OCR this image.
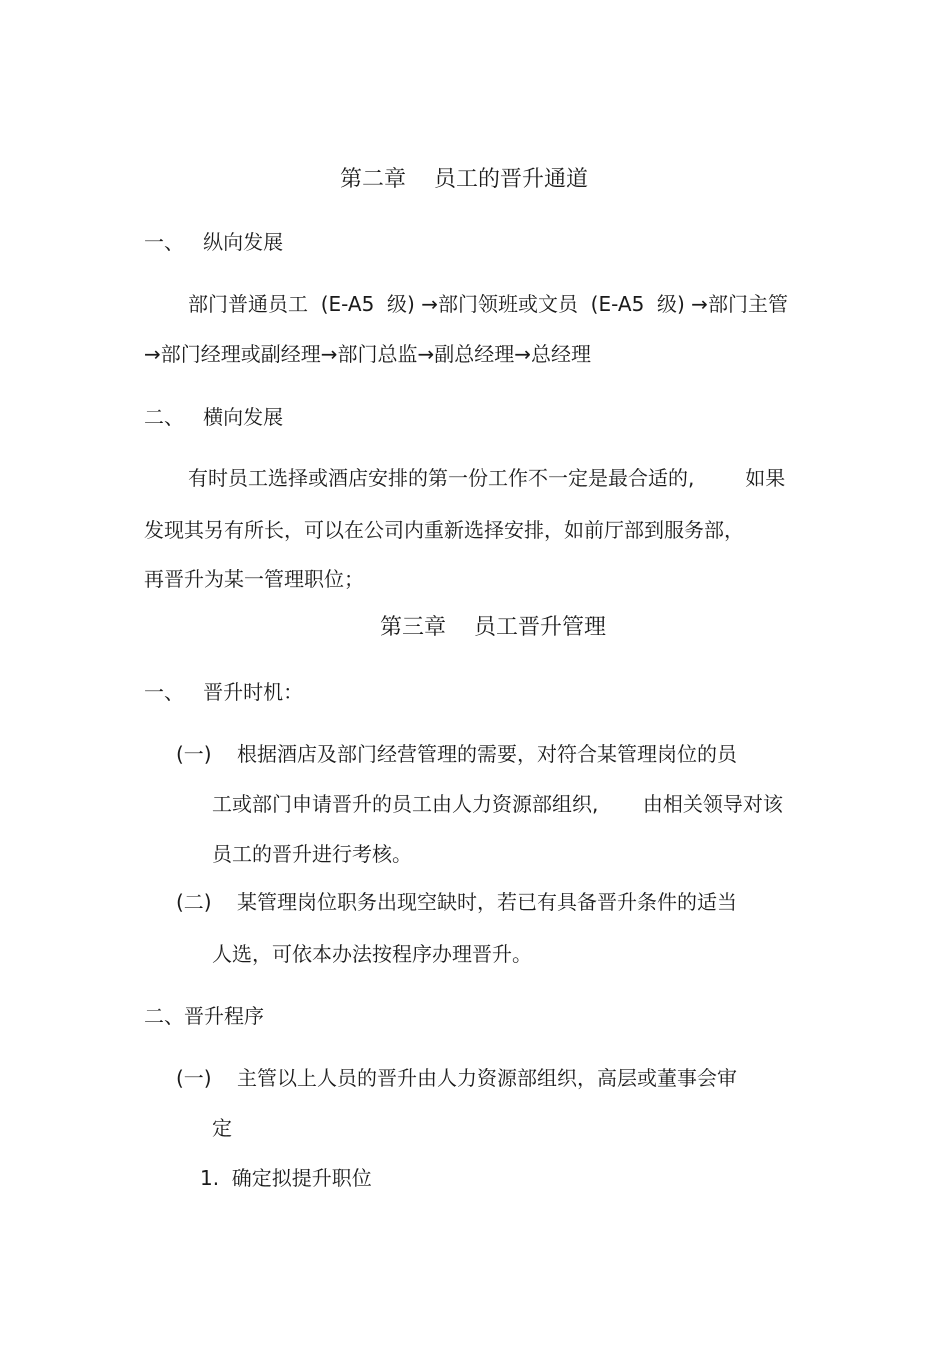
第二章    员工的晋升通道
一、   纵向发展
部门普通员工  (E-A5  级) →部门领班或文员  (E-A5  级) →部门主管
→部门经理或副经理→部门总监→副总经理→总经理
二、   横向发展
有时员工选择或酒店安排的第一份工作不一定是最合适的,        如果
发现其另有所长，可以在公司内重新选择安排，如前厅部到服务部，
再晋升为某一管理职位；
第三章    员工晋升管理
一、   晋升时机：
(一)    根据酒店及部门经营管理的需要，对符合某管理岗位的员
工或部门申请晋升的员工由人力资源部组织,       由相关领导对该
员工的晋升进行考核。
(二)    某管理岗位职务出现空缺时，若已有具备晋升条件的适当
人选，可依本办法按程序办理晋升。
二、晋升程序
(一)    主管以上人员的晋升由人力资源部组织，高层或董事会审
定
1.  确定拟提升职位
